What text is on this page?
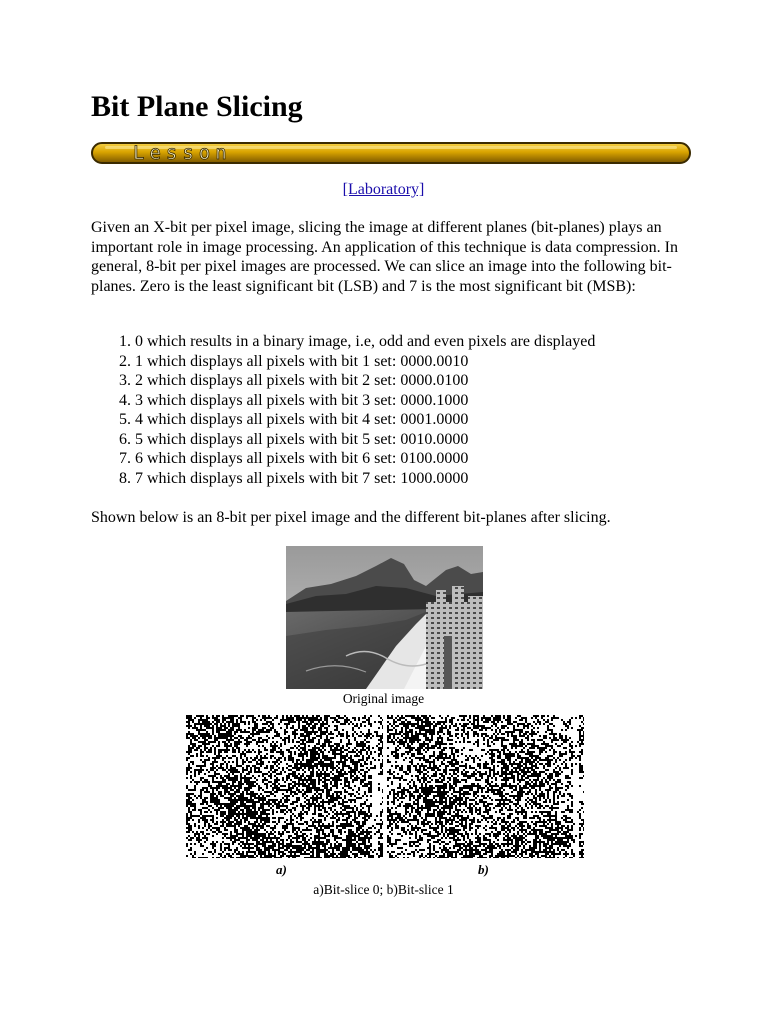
Bit Plane Slicing
Lesson
[Laboratory]

Given an X-bit per pixel image, slicing the image at different planes (bit-planes) plays an important role in image processing. An application of this technique is data compression. In general, 8-bit per pixel images are processed. We can slice an image into the following bit-planes. Zero is the least significant bit (LSB) and 7 is the most significant bit (MSB):

1. 0 which results in a binary image, i.e, odd and even pixels are displayed
2. 1 which displays all pixels with bit 1 set: 0000.0010
3. 2 which displays all pixels with bit 2 set: 0000.0100
4. 3 which displays all pixels with bit 3 set: 0000.1000
5. 4 which displays all pixels with bit 4 set: 0001.0000
6. 5 which displays all pixels with bit 5 set: 0010.0000
7. 6 which displays all pixels with bit 6 set: 0100.0000
8. 7 which displays all pixels with bit 7 set: 1000.0000

Shown below is an 8-bit per pixel image and the different bit-planes after slicing.

Original image
a)	b)
a)Bit-slice 0; b)Bit-slice 1
